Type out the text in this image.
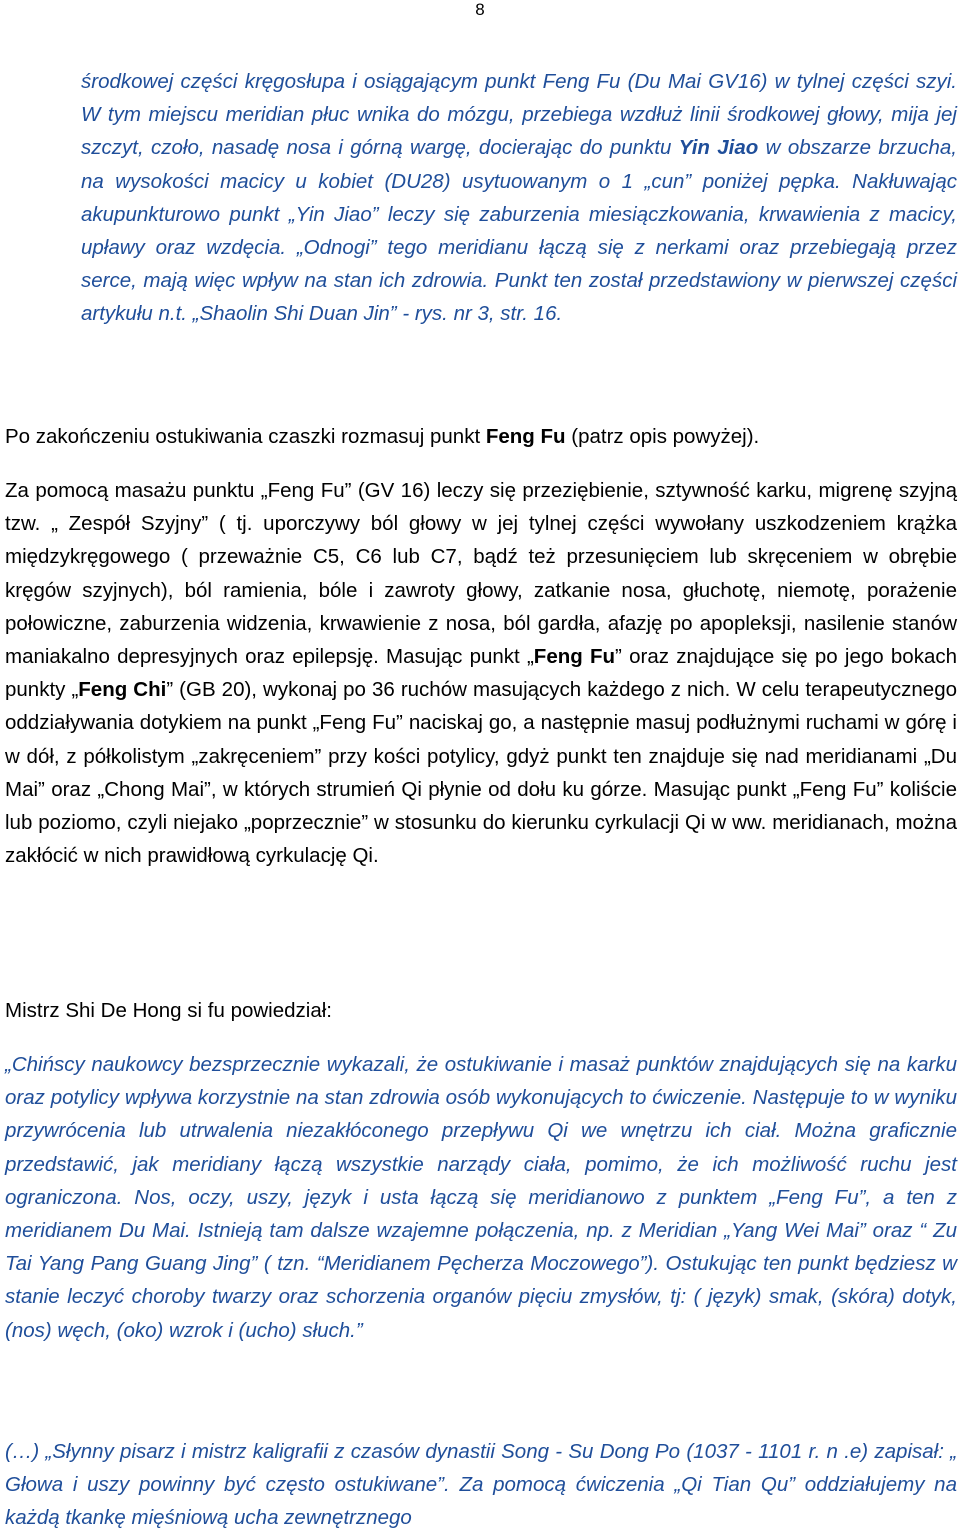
8

środkowej części kręgosłupa i osiągającym punkt Feng Fu (Du Mai GV16) w tylnej części szyi. W tym miejscu meridian płuc wnika do mózgu, przebiega wzdłuż linii środkowej głowy, mija jej szczyt, czoło, nasadę nosa i górną wargę, docierając do punktu Yin Jiao w obszarze brzucha, na wysokości macicy u kobiet (DU28) usytuowanym o 1 „cun” poniżej pępka. Nakłuwając akupunkturowo punkt „Yin Jiao” leczy się zaburzenia miesiączkowania, krwawienia z macicy, upławy oraz wzdęcia. „Odnogi” tego meridianu łączą się z nerkami oraz przebiegają przez serce, mają więc wpływ na stan ich zdrowia. Punkt ten został przedstawiony w pierwszej części artykułu n.t. „Shaolin Shi Duan Jin” - rys. nr 3, str. 16.

Po zakończeniu ostukiwania czaszki rozmasuj punkt Feng Fu (patrz opis powyżej).

Za pomocą masażu punktu „Feng Fu” (GV 16) leczy się przeziębienie, sztywność karku, migrenę szyjną tzw. „ Zespół Szyjny” ( tj. uporczywy ból głowy w jej tylnej części wywołany uszkodzeniem krążka międzykręgowego ( przeważnie C5, C6 lub C7, bądź też przesunięciem lub skręceniem w obrębie kręgów szyjnych), ból ramienia, bóle i zawroty głowy, zatkanie nosa, głuchotę, niemotę, porażenie połowiczne, zaburzenia widzenia, krwawienie z nosa, ból gardła, afazję po apopleksji, nasilenie stanów maniakalno depresyjnych oraz epilepsję. Masując punkt „Feng Fu” oraz znajdujące się po jego bokach punkty „Feng Chi” (GB 20), wykonaj po 36 ruchów masujących każdego z nich. W celu terapeutycznego oddziaływania dotykiem na punkt „Feng Fu” naciskaj go, a następnie masuj podłużnymi ruchami w górę i w dół, z półkolistym „zakręceniem” przy kości potylicy, gdyż punkt ten znajduje się nad meridianami „Du Mai” oraz „Chong Mai”, w których strumień Qi płynie od dołu ku górze. Masując punkt „Feng Fu” koliście lub poziomo, czyli niejako „poprzecznie” w stosunku do kierunku cyrkulacji Qi w ww. meridianach, można zakłócić w nich prawidłową cyrkulację Qi.

Mistrz Shi De Hong si fu powiedział:

„Chińscy naukowcy bezsprzecznie wykazali, że ostukiwanie i masaż punktów znajdujących się na karku oraz potylicy wpływa korzystnie na stan zdrowia osób wykonujących to ćwiczenie. Następuje to w wyniku przywrócenia lub utrwalenia niezakłóconego przepływu Qi we wnętrzu ich ciał. Można graficznie przedstawić, jak meridiany łączą wszystkie narządy ciała, pomimo, że ich możliwość ruchu jest ograniczona. Nos, oczy, uszy, język i usta łączą się meridianowo z punktem „Feng Fu”, a ten z meridianem Du Mai. Istnieją tam dalsze wzajemne połączenia, np. z Meridian „Yang Wei Mai” oraz “ Zu Tai Yang Pang Guang Jing” ( tzn. “Meridianem Pęcherza Moczowego”). Ostukując ten punkt będziesz w stanie leczyć choroby twarzy oraz schorzenia organów pięciu zmysłów, tj: ( język) smak, (skóra) dotyk, (nos) węch, (oko) wzrok i (ucho) słuch.”

(…) „Słynny pisarz i mistrz kaligrafii z czasów dynastii Song - Su Dong Po (1037 - 1101 r. n .e) zapisał: „ Głowa i uszy powinny być często ostukiwane”. Za pomocą ćwiczenia „Qi Tian Qu” oddziałujemy na każdą tkankę mięśniową ucha zewnętrznego
